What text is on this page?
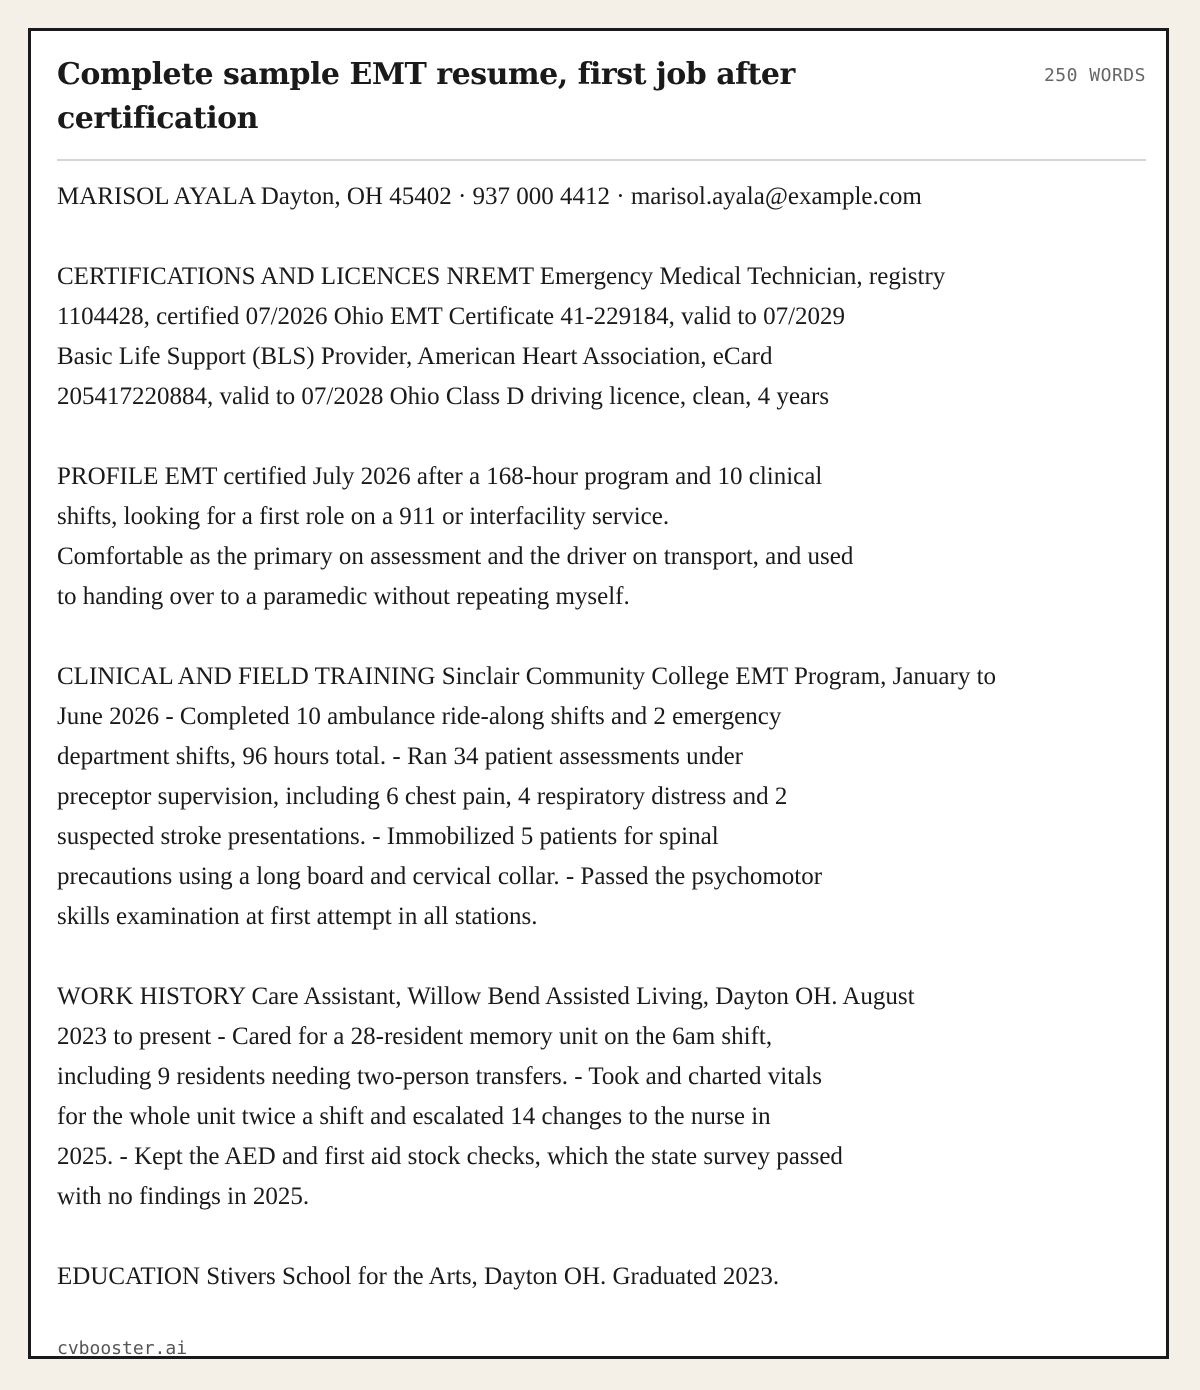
Complete sample EMT resume, first job after certification
250 WORDS

MARISOL AYALA Dayton, OH 45402 · 937 000 4412 · marisol.ayala@example.com

CERTIFICATIONS AND LICENCES NREMT Emergency Medical Technician, registry
1104428, certified 07/2026 Ohio EMT Certificate 41-229184, valid to 07/2029
Basic Life Support (BLS) Provider, American Heart Association, eCard
205417220884, valid to 07/2028 Ohio Class D driving licence, clean, 4 years

PROFILE EMT certified July 2026 after a 168-hour program and 10 clinical
shifts, looking for a first role on a 911 or interfacility service.
Comfortable as the primary on assessment and the driver on transport, and used
to handing over to a paramedic without repeating myself.

CLINICAL AND FIELD TRAINING Sinclair Community College EMT Program, January to
June 2026 - Completed 10 ambulance ride-along shifts and 2 emergency
department shifts, 96 hours total. - Ran 34 patient assessments under
preceptor supervision, including 6 chest pain, 4 respiratory distress and 2
suspected stroke presentations. - Immobilized 5 patients for spinal
precautions using a long board and cervical collar. - Passed the psychomotor
skills examination at first attempt in all stations.

WORK HISTORY Care Assistant, Willow Bend Assisted Living, Dayton OH. August
2023 to present - Cared for a 28-resident memory unit on the 6am shift,
including 9 residents needing two-person transfers. - Took and charted vitals
for the whole unit twice a shift and escalated 14 changes to the nurse in
2025. - Kept the AED and first aid stock checks, which the state survey passed
with no findings in 2025.

EDUCATION Stivers School for the Arts, Dayton OH. Graduated 2023.

cvbooster.ai
